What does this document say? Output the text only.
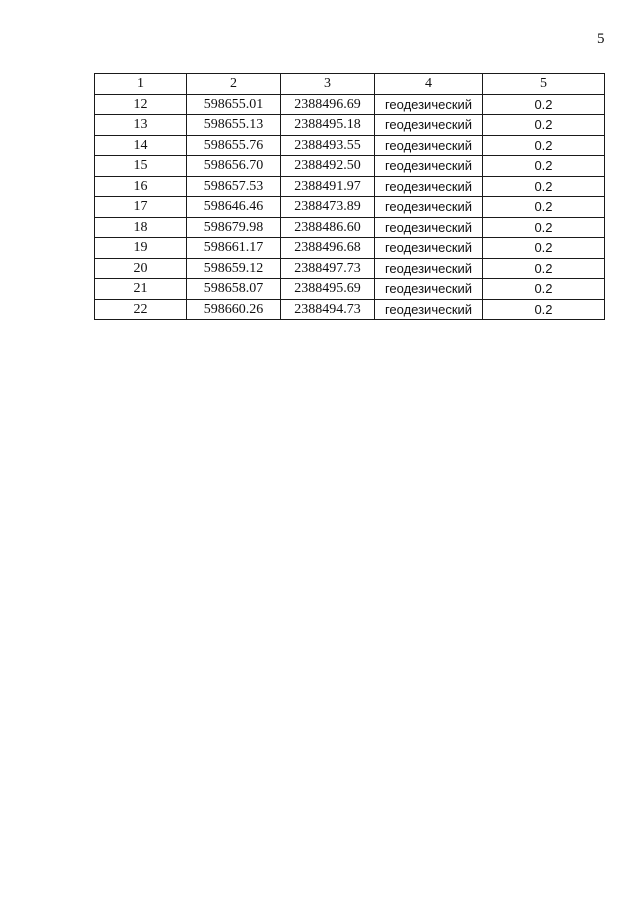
5
1	2	3	4	5
12	598655.01	2388496.69	геодезический	0.2
13	598655.13	2388495.18	геодезический	0.2
14	598655.76	2388493.55	геодезический	0.2
15	598656.70	2388492.50	геодезический	0.2
16	598657.53	2388491.97	геодезический	0.2
17	598646.46	2388473.89	геодезический	0.2
18	598679.98	2388486.60	геодезический	0.2
19	598661.17	2388496.68	геодезический	0.2
20	598659.12	2388497.73	геодезический	0.2
21	598658.07	2388495.69	геодезический	0.2
22	598660.26	2388494.73	геодезический	0.2
